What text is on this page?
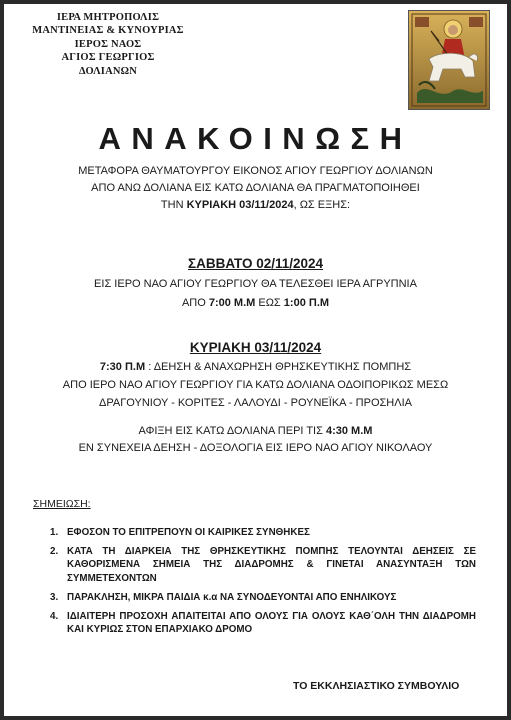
ΙΕΡΑ ΜΗΤΡΟΠΟΛΙΣ
ΜΑΝΤΙΝΕΙΑΣ & ΚΥΝΟΥΡΙΑΣ
ΙΕΡΟΣ ΝΑΟΣ
ΑΓΙΟΣ ΓΕΩΡΓΙΟΣ
ΔΟΛΙΑΝΩΝ
ΑΝΑΚΟΙΝΩΣΗ
ΜΕΤΑΦΟΡΑ ΘΑΥΜΑΤΟΥΡΓΟΥ ΕΙΚΟΝΟΣ ΑΓΙΟΥ ΓΕΩΡΓΙΟΥ ΔΟΛΙΑΝΩΝ
ΑΠΟ ΑΝΩ ΔΟΛΙΑΝΑ ΕΙΣ ΚΑΤΩ ΔΟΛΙΑΝΑ ΘΑ ΠΡΑΓΜΑΤΟΠΟΙΗΘΕΙ
ΤΗΝ ΚΥΡΙΑΚΗ 03/11/2024, ΩΣ ΕΞΗΣ:
ΣΑΒΒΑΤΟ 02/11/2024
ΕΙΣ ΙΕΡΟ ΝΑΟ ΑΓΙΟΥ ΓΕΩΡΓΙΟΥ ΘΑ ΤΕΛΕΣΘΕΙ ΙΕΡΑ ΑΓΡΥΠΝΙΑ
ΑΠΟ 7:00 Μ.Μ ΕΩΣ 1:00 Π.Μ
ΚΥΡΙΑΚΗ 03/11/2024
7:30 Π.Μ : ΔΕΗΣΗ & ΑΝΑΧΩΡΗΣΗ ΘΡΗΣΚΕΥΤΙΚΗΣ ΠΟΜΠΗΣ
ΑΠΟ ΙΕΡΟ ΝΑΟ ΑΓΙΟΥ ΓΕΩΡΓΙΟΥ ΓΙΑ ΚΑΤΩ ΔΟΛΙΑΝΑ ΟΔΟΙΠΟΡΙΚΩΣ ΜΕΣΩ
ΔΡΑΓΟΥΝΙΟΥ - ΚΟΡΙΤΕΣ - ΛΑΛΟΥΔΙ - ΡΟΥΝΕΪΚΑ - ΠΡΟΣΗΛΙΑ
ΑΦΙΞΗ ΕΙΣ ΚΑΤΩ ΔΟΛΙΑΝΑ ΠΕΡΙ ΤΙΣ 4:30 Μ.Μ
ΕΝ ΣΥΝΕΧΕΙΑ ΔΕΗΣΗ - ΔΟΞΟΛΟΓΙΑ ΕΙΣ ΙΕΡΟ ΝΑΟ ΑΓΙΟΥ ΝΙΚΟΛΑΟΥ
ΣΗΜΕΙΩΣΗ:
1. ΕΦΟΣΟΝ ΤΟ ΕΠΙΤΡΕΠΟΥΝ ΟΙ ΚΑΙΡΙΚΕΣ ΣΥΝΘΗΚΕΣ
2. ΚΑΤΑ ΤΗ ΔΙΑΡΚΕΙΑ ΤΗΣ ΘΡΗΣΚΕΥΤΙΚΗΣ ΠΟΜΠΗΣ ΤΕΛΟΥΝΤΑΙ ΔΕΗΣΕΙΣ ΣΕ ΚΑΘΟΡΙΣΜΕΝΑ ΣΗΜΕΙΑ ΤΗΣ ΔΙΑΔΡΟΜΗΣ & ΓΙΝΕΤΑΙ ΑΝΑΣΥΝΤΑΞΗ ΤΩΝ ΣΥΜΜΕΤΕΧΟΝΤΩΝ
3. ΠΑΡΑΚΛΗΣΗ, ΜΙΚΡΑ ΠΑΙΔΙΑ κ.α ΝΑ ΣΥΝΟΔΕΥΟΝΤΑΙ ΑΠΟ ΕΝΗΛΙΚΟΥΣ
4. ΙΔΙΑΙΤΕΡΗ ΠΡΟΣΟΧΗ ΑΠΑΙΤΕΙΤΑΙ ΑΠΟ ΟΛΟΥΣ ΓΙΑ ΟΛΟΥΣ ΚΑΘ΄ΟΛΗ ΤΗΝ ΔΙΑΔΡΟΜΗ ΚΑΙ ΚΥΡΙΩΣ ΣΤΟΝ ΕΠΑΡΧΙΑΚΟ ΔΡΟΜΟ
ΤΟ ΕΚΚΛΗΣΙΑΣΤΙΚΟ ΣΥΜΒΟΥΛΙΟ
